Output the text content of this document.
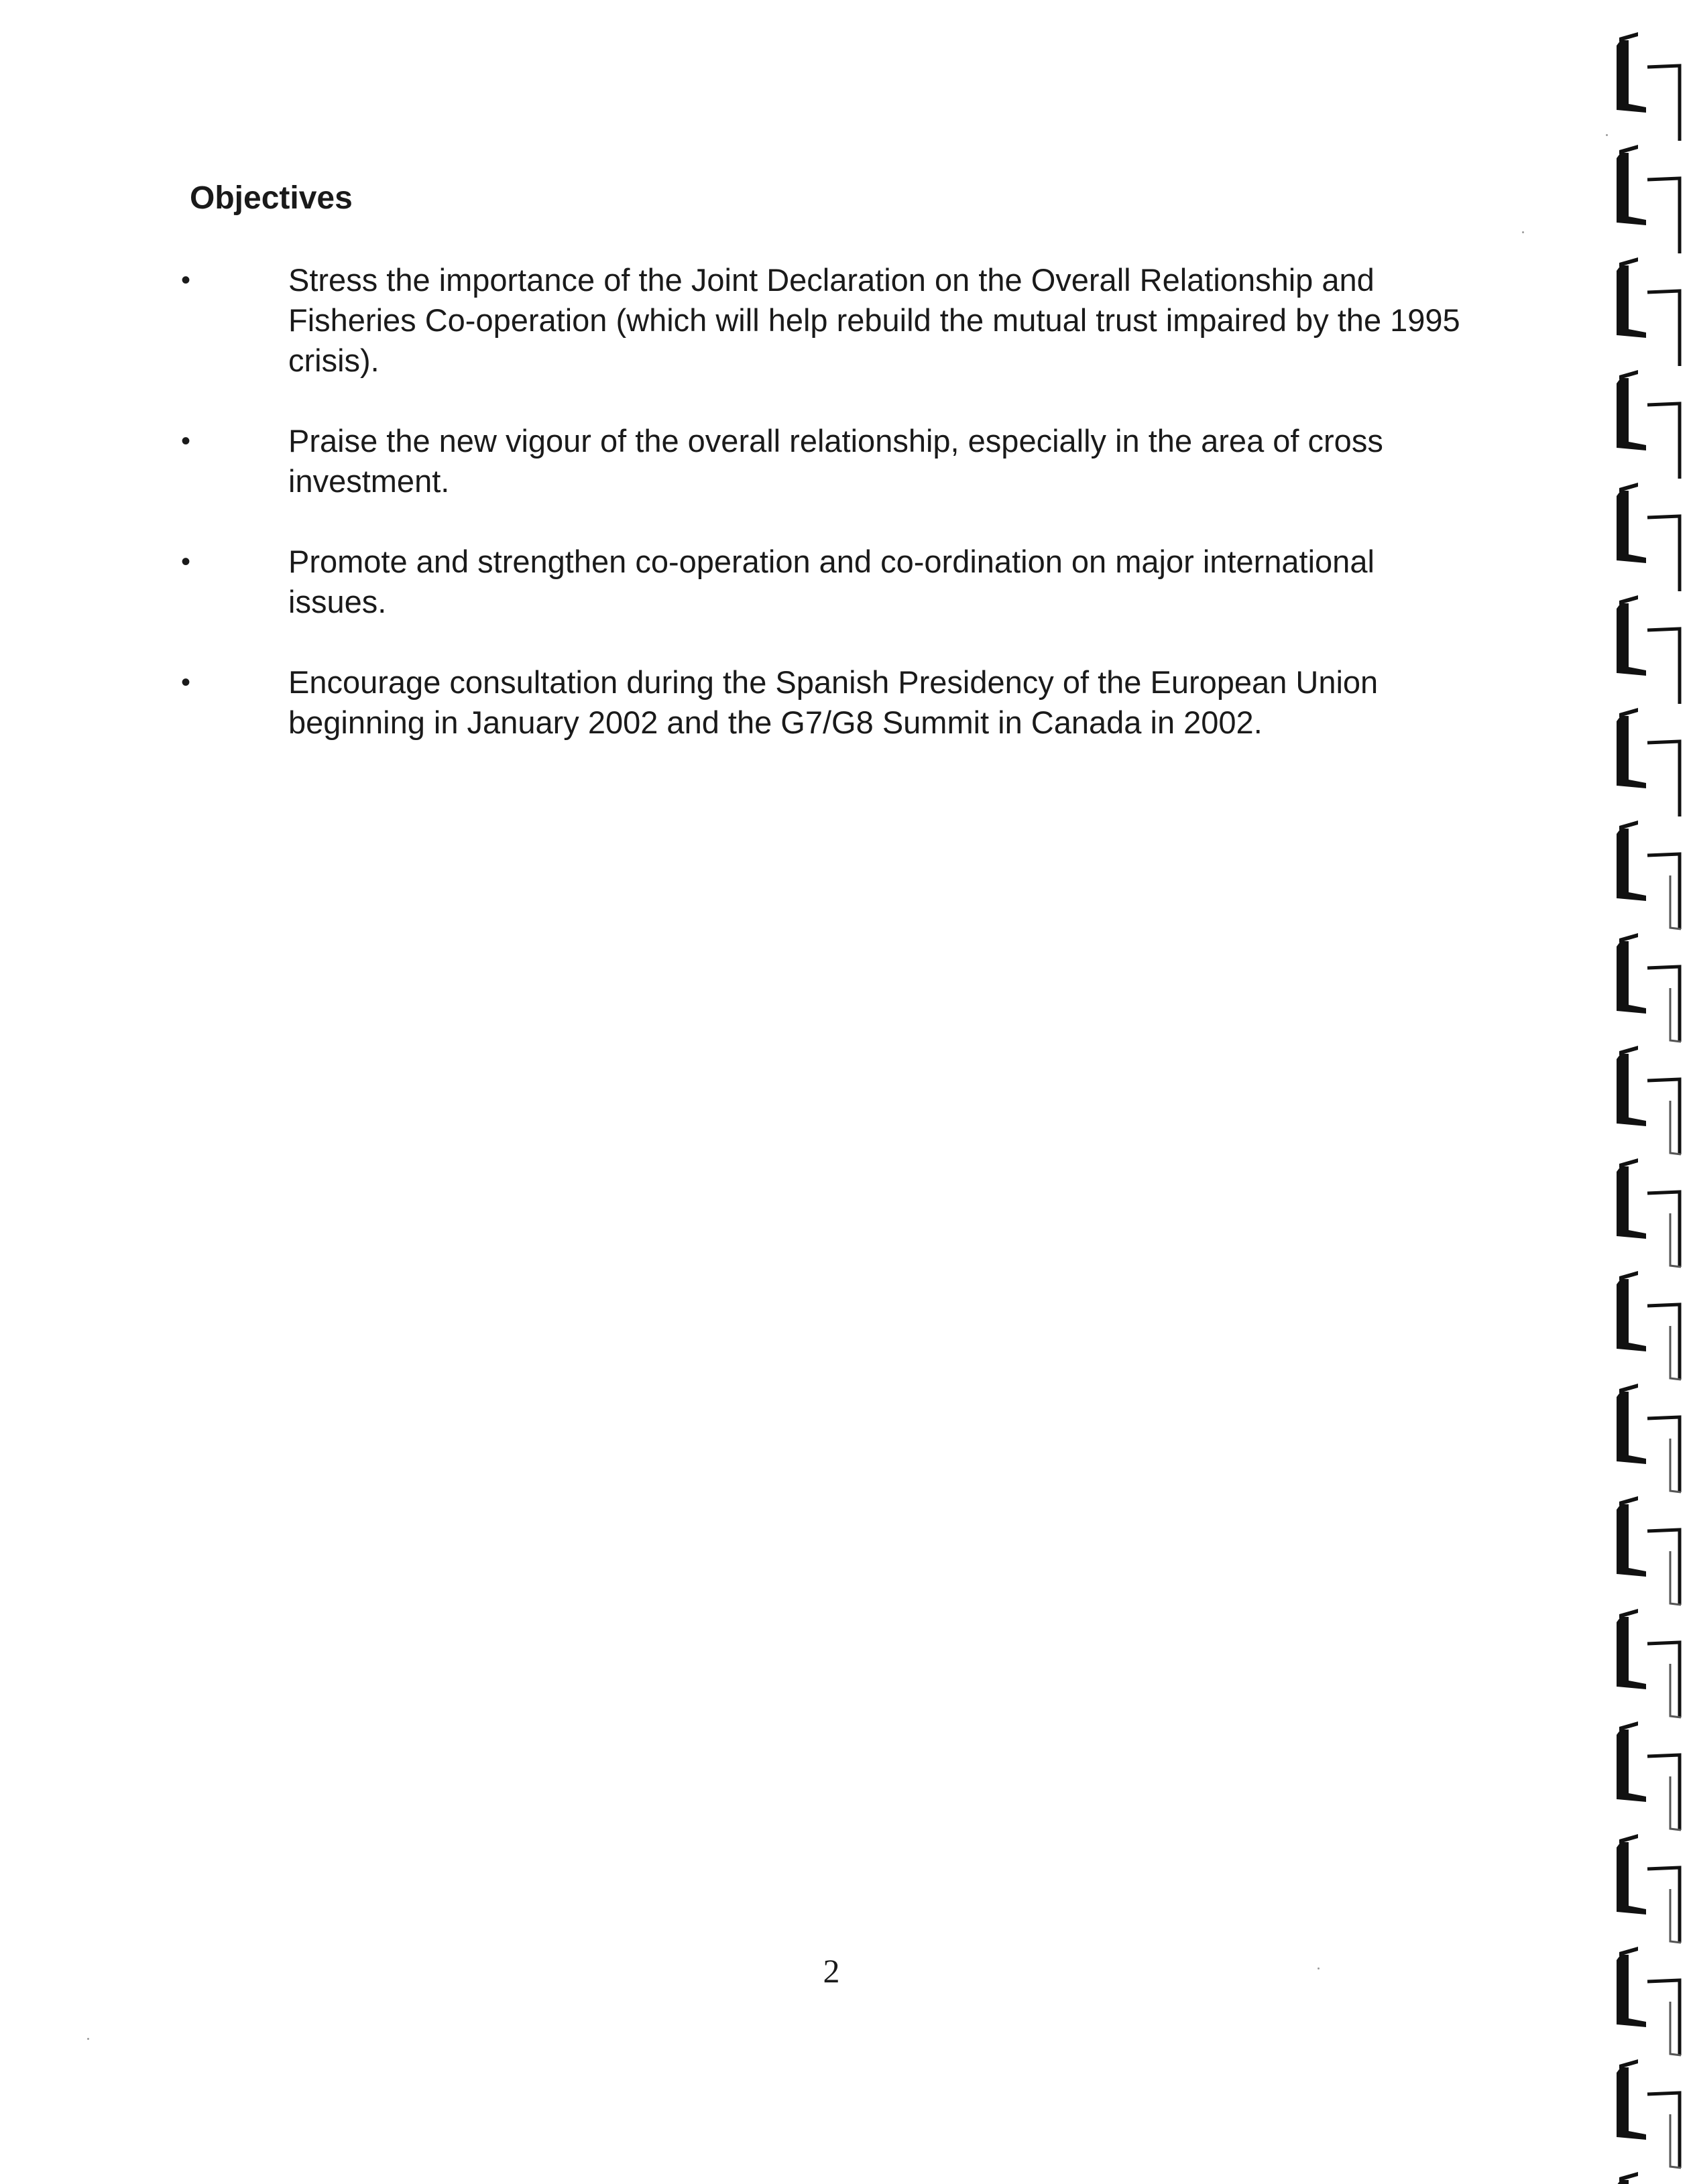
Objectives
•	Stress the importance of the Joint Declaration on the Overall Relationship and Fisheries Co-operation (which will help rebuild the mutual trust impaired by the 1995 crisis).
•	Praise the new vigour of the overall relationship, especially in the area of cross investment.
•	Promote and strengthen co-operation and co-ordination on major international issues.
•	Encourage consultation during the Spanish Presidency of the European Union beginning in January 2002 and the G7/G8 Summit in Canada in 2002.
2
